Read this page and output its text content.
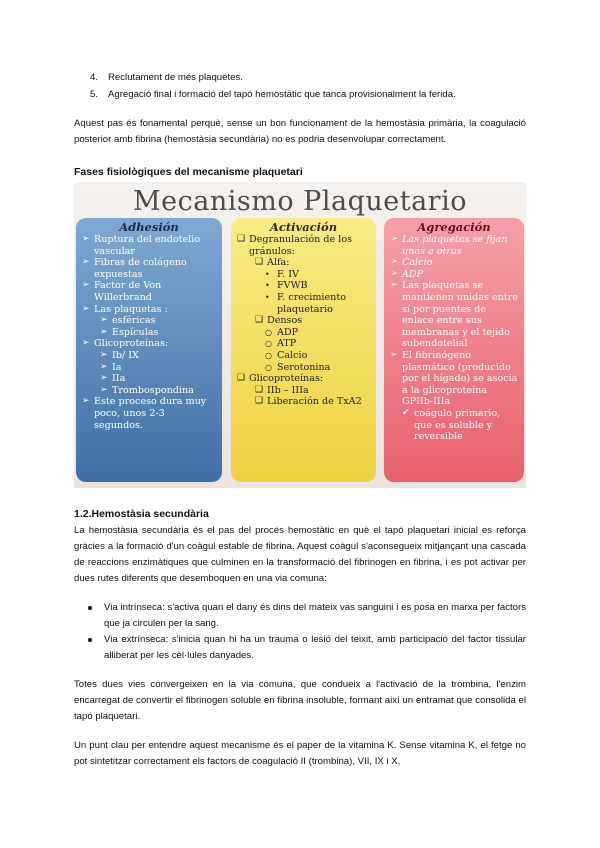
4. Reclutament de més plaquetes.
5. Agregació final i formació del tapó hemostàtic que tanca provisionalment la ferida.

Aquest pas és fonamental perquè, sense un bon funcionament de la hemostàsia primària, la coagulació posterior amb fibrina (hemostàsia secundària) no es podria desenvolupar correctament.

Fases fisiològiques del mecanisme plaquetari
Mecanismo Plaquetario
Adhesión
➢ Ruptura del endotelio vascular
➢ Fibras de colágeno expuestas
➢ Factor de Von Willerbrand
➢ Las plaquetas :
➢ esféricas
➢ Espículas
➢ Glicoproteínas:
➢ Ib/ IX
➢ Ia
➢ IIa
➢ Trombospondina
➢ Este proceso dura muy poco, unos 2-3 segundos.
Activación
❑ Degranulación de los gránulos:
❑ Alfa:
• F. IV
• FVWB
• F. crecimiento plaquetario
❑ Densos
○ ADP
○ ATP
○ Calcio
○ Serotonina
❑ Glicoproteínas:
❑ IIb – IIIa
❑ Liberación de TxA2
Agregación
➢ Las plaquetas se fijan unas a otras
➢ Calcio
➢ ADP
➢ Las plaquetas se mantienen unidas entre sí por puentes de enlace entre sus membranas y el tejido subendotelial
➢ El fibrinógeno plasmático (producido por el hígado) se asocia a la glicoproteína GPIIb-IIIa
✔ coágulo primario, que es soluble y reversible
1.2.Hemostàsia secundària

La hemostàsia secundària és el pas del procés hemostàtic en què el tapó plaquetari inicial es reforça gràcies a la formació d'un coàgul estable de fibrina. Aquest coàgul s'aconsegueix mitjançant una cascada de reaccions enzimàtiques que culminen en la transformació del fibrinogen en fibrina, i es pot activar per dues rutes diferents que desemboquen en una via comuna:

Via intrínseca: s'activa quan el dany és dins del mateix vas sanguini i es posa en marxa per factors que ja circulen per la sang.
Via extrínseca: s'inicia quan hi ha un trauma o lesió del teixit, amb participació del factor tissular alliberat per les cèl·lules danyades.

Totes dues vies convergeixen en la via comuna, que condueix a l'activació de la trombina, l'enzim encarregat de convertir el fibrinogen soluble en fibrina insoluble, formant així un entramat que consolida el tapó plaquetari.

Un punt clau per entendre aquest mecanisme és el paper de la vitamina K. Sense vitamina K, el fetge no pot sintetitzar correctament els factors de coagulació II (trombina), VII, IX i X,
